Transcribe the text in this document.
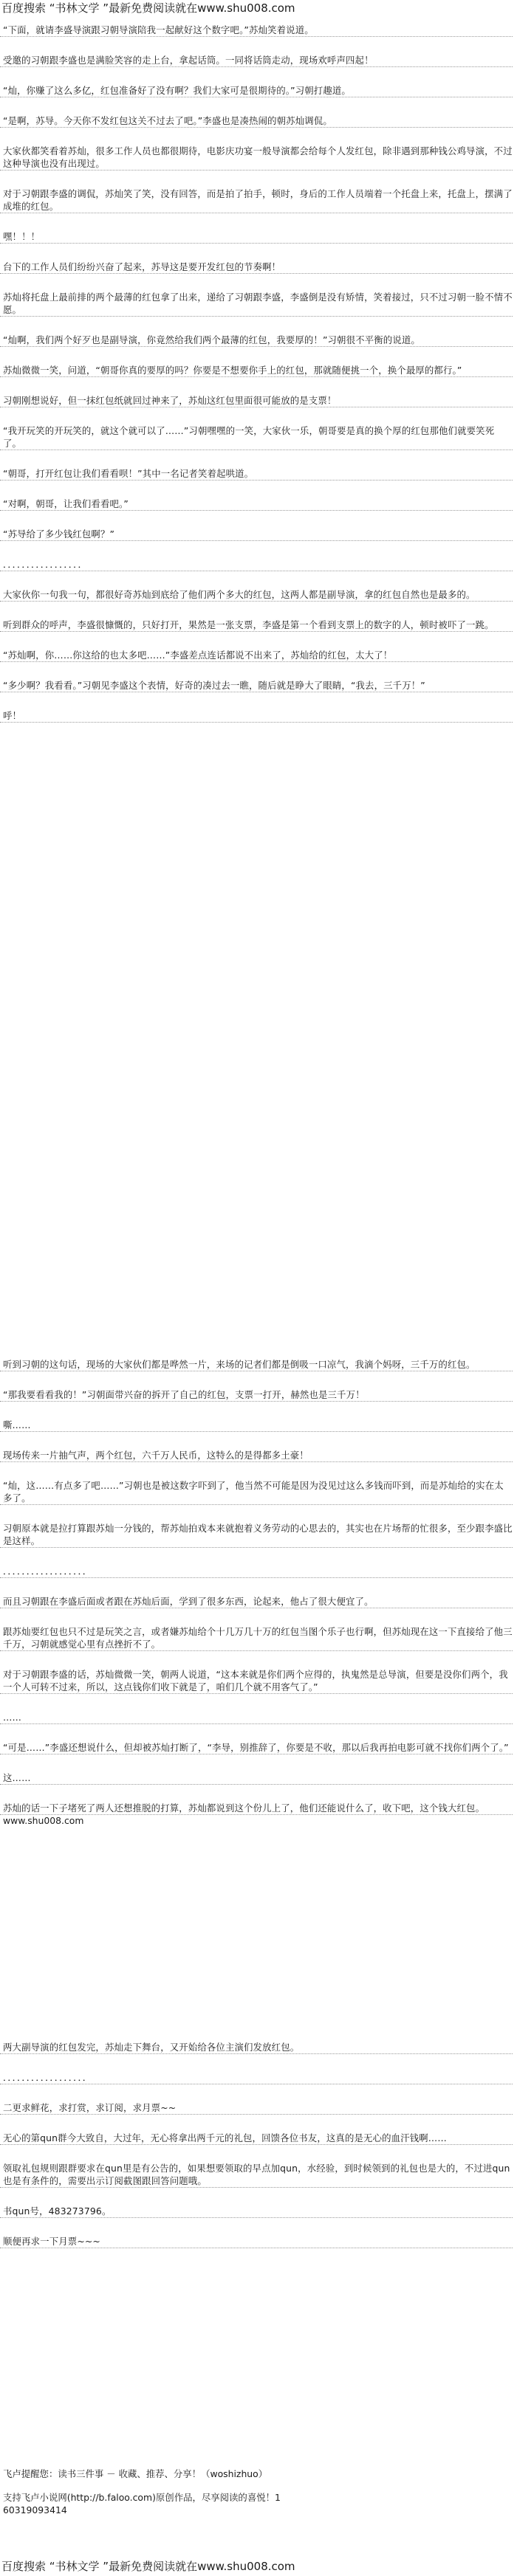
百度搜索 “书林文学 ”最新免费阅读就在www.shu008.com

“下面，就请李盛导演跟习朝导演陪我一起献好这个数字吧。”苏灿笑着说道。

受邀的习朝跟李盛也是满脸笑容的走上台，拿起话筒。一同将话筒走动，现场欢呼声四起！

“灿，你赚了这么多亿，红包准备好了没有啊？我们大家可是很期待的。”习朝打趣道。

“是啊，苏导。今天你不发红包这关不过去了吧。”李盛也是凑热闹的朝苏灿调侃。

大家伙都笑看着苏灿，很多工作人员也都很期待，电影庆功宴一般导演都会给每个人发红包，除非遇到那种钱公鸡导演，不过这种导演也没有出现过。

对于习朝跟李盛的调侃，苏灿笑了笑，没有回答，而是拍了拍手，顿时，身后的工作人员端着一个托盘上来，托盘上，摆满了成堆的红包。

嘿！！！

台下的工作人员们纷纷兴奋了起来，苏导这是要开发红包的节奏啊！

苏灿将托盘上最前排的两个最薄的红包拿了出来，递给了习朝跟李盛，李盛倒是没有矫情，笑着接过，只不过习朝一脸不情不愿。

“灿啊，我们两个好歹也是副导演，你竟然给我们两个最薄的红包，我要厚的！”习朝很不平衡的说道。

苏灿微微一笑，问道，“朝哥你真的要厚的吗？你要是不想要你手上的红包，那就随便挑一个，换个最厚的都行。”

习朝刚想说好，但一抹红包纸就回过神来了，苏灿这红包里面很可能放的是支票！

“我开玩笑的开玩笑的，就这个就可以了……”习朝嘿嘿的一笑，大家伙一乐，朝哥要是真的换个厚的红包那他们就要笑死了。

“朝哥，打开红包让我们看看呗！”其中一名记者笑着起哄道。

“对啊，朝哥，让我们看看吧。”

“苏导给了多少钱红包啊？”

．．．．．．．．．．．．．．．．．

大家伙你一句我一句，都很好奇苏灿到底给了他们两个多大的红包，这两人都是副导演，拿的红包自然也是最多的。

听到群众的呼声，李盛很慷慨的，只好打开，果然是一张支票，李盛是第一个看到支票上的数字的人，顿时被吓了一跳。

“苏灿啊，你……你这给的也太多吧……”李盛差点连话都说不出来了，苏灿给的红包，太大了！

“多少啊？我看看。”习朝见李盛这个表情，好奇的凑过去一瞧，随后就是睁大了眼睛，“我去，三千万！”

呼！

听到习朝的这句话，现场的大家伙们都是哗然一片，来场的记者们都是倒吸一口凉气，我滴个妈呀，三千万的红包。

“那我要看看我的！”习朝面带兴奋的拆开了自己的红包，支票一打开，赫然也是三千万！

嘶……

现场传来一片抽气声，两个红包，六千万人民币，这特么的是得都多土豪！

“灿，这……有点多了吧……”习朝也是被这数字吓到了，他当然不可能是因为没见过这么多钱而吓到，而是苏灿给的实在太多了。

习朝原本就是拉打算跟苏灿一分钱的，帮苏灿拍戏本来就抱着义务劳动的心思去的，其实也在片场帮的忙很多，至少跟李盛比是这样。

．．．．．．．．．．．．．．．．．．

而且习朝跟在李盛后面或者跟在苏灿后面，学到了很多东西，论起来，他占了很大便宜了。

跟苏灿要红包也只不过是玩笑之言，或者嫌苏灿给个十几万几十万的红包当图个乐子也行啊，但苏灿现在这一下直接给了他三千万，习朝就感觉心里有点挫折不了。

对于习朝跟李盛的话，苏灿微微一笑，朝两人说道，“这本来就是你们两个应得的，执鬼然是总导演，但要是没你们两个，我一个人可转不过来，所以，这点钱你们收下就是了，咱们几个就不用客气了。”

……

“可是……”李盛还想说什么，但却被苏灿打断了，“李导，别推辞了，你要是不收，那以后我再拍电影可就不找你们两个了。”

这……

苏灿的话一下子堵死了两人还想推脱的打算，苏灿都说到这个份儿上了，他们还能说什么了，收下吧，这个钱大红包。

www.shu008.com

两大副导演的红包发完，苏灿走下舞台，又开始给各位主演们发放红包。

．．．．．．．．．．．．．．．．．．

二更求鲜花，求打赏，求订阅，求月票~~

无心的第qun群今大致自，大过年，无心将拿出两千元的礼包，回馈各位书友，这真的是无心的血汗钱啊……

领取礼包规则跟群要求在qun里是有公告的，如果想要领取的早点加qun，水经验，到时候领到的礼包也是大的，不过进qun也是有条件的，需要出示订阅截图跟回答问题哦。

书qun号，483273796。

顺便再求一下月票~~~

飞卢提醒您：读书三件事 － 收藏、推荐、分享！（woshizhuo）
支持飞卢小说网(http://b.faloo.com)原创作品，尽享阅读的喜悦！1
60319093414
百度搜索 “书林文学 ”最新免费阅读就在www.shu008.com
